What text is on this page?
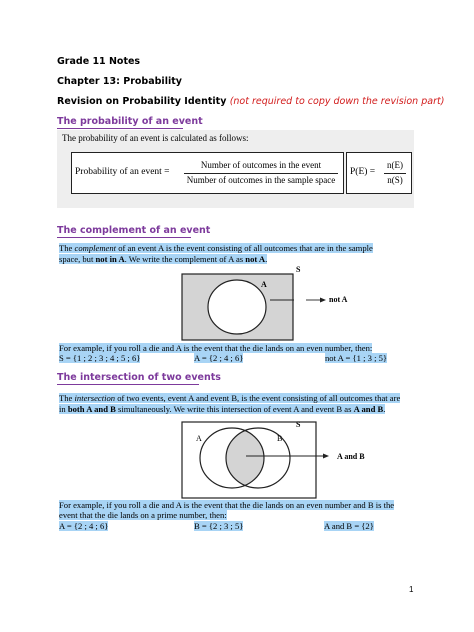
Grade 11 Notes
Chapter 13: Probability
Revision on Probability Identity (not required to copy down the revision part)
The probability of an event
The probability of an event is calculated as follows:
Probability of an event =
Number of outcomes in the event
Number of outcomes in the sample space
P(E) =
n(E)
n(S)
The complement of an event
The complement of an event A is the event consisting of all outcomes that are in the sample
space, but not in A. We write the complement of A as not A.
S
A
not A
For example, if you roll a die and A is the event that the die lands on an even number, then:
S = {1 ; 2 ; 3 ; 4 ; 5 ; 6}	A = {2 ; 4 ; 6}	not A = {1 ; 3 ; 5}
The intersection of two events
The intersection of two events, event A and event B, is the event consisting of all outcomes that are
in both A and B simultaneously. We write this intersection of event A and event B as A and B.
S
A	B
A and B
For example, if you roll a die and A is the event that the die lands on an even number and B is the
event that the die lands on a prime number, then:
A = {2 ; 4 ; 6}	B = {2 ; 3 ; 5}	A and B = {2}
1
